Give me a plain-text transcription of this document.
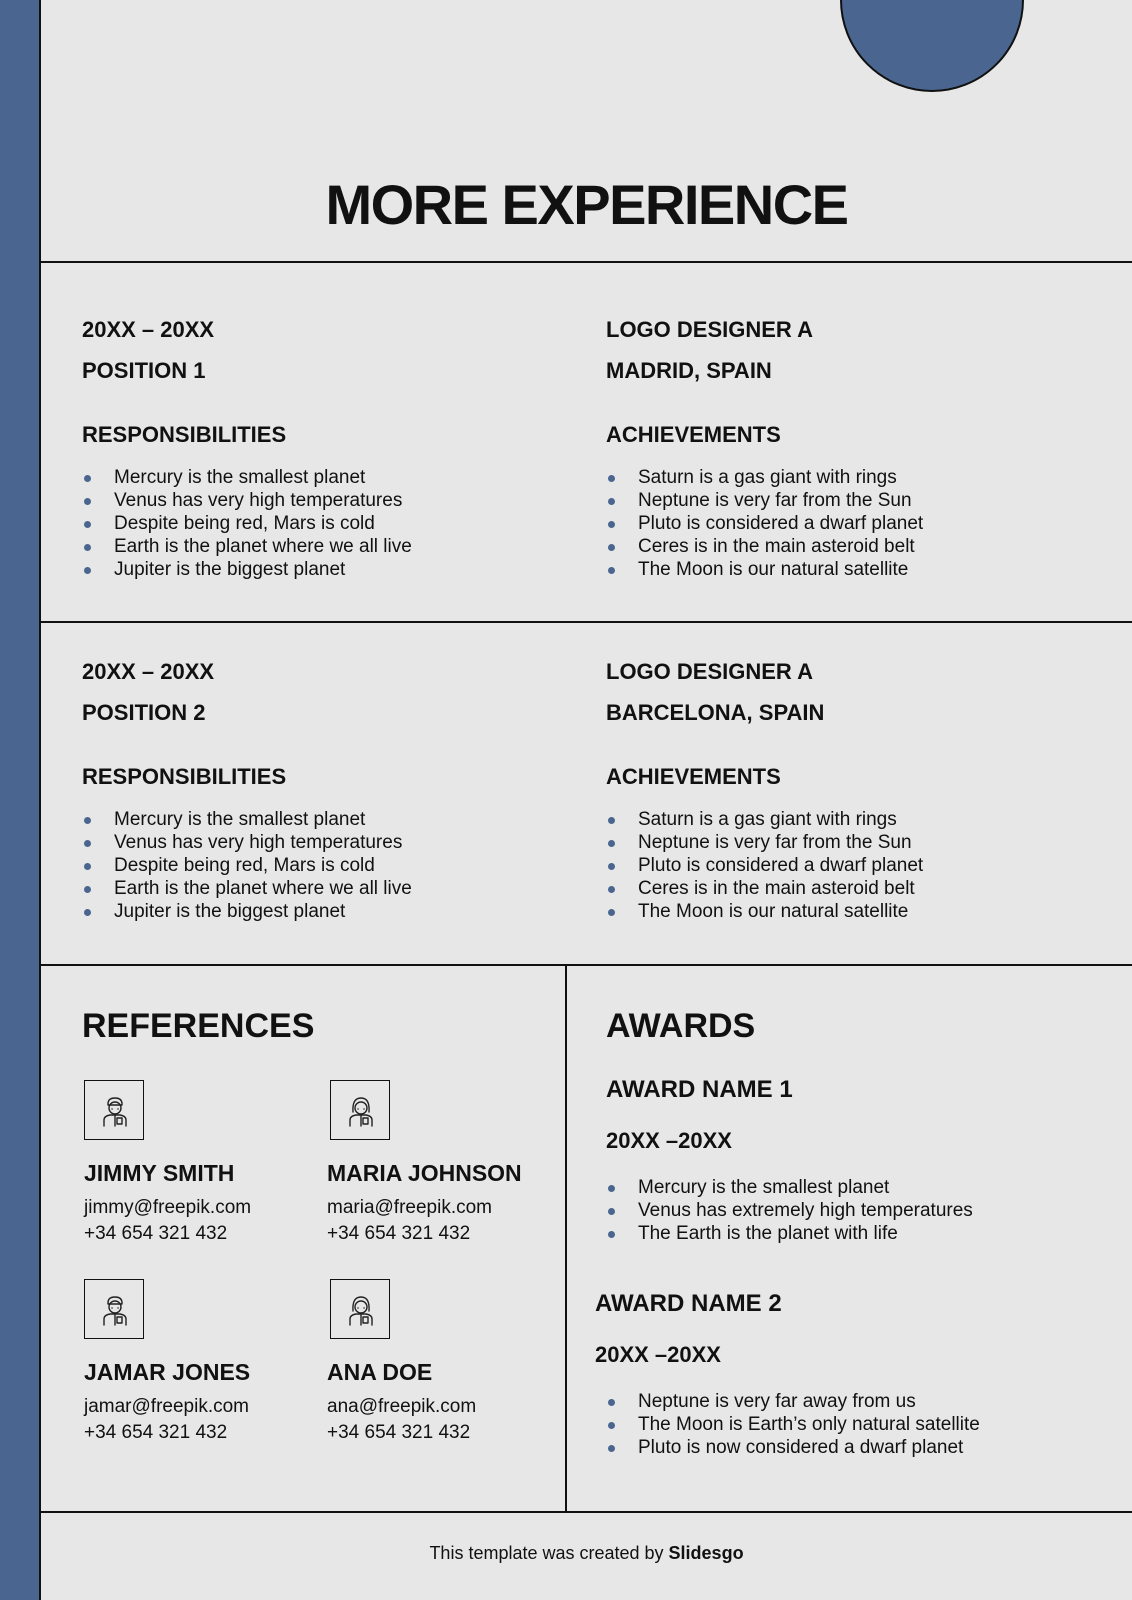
MORE EXPERIENCE

20XX – 20XX

POSITION 1

LOGO DESIGNER A

MADRID, SPAIN

RESPONSIBILITIES	ACHIEVEMENTS

Mercury is the smallest planet
Venus has very high temperatures
Despite being red, Mars is cold
Earth is the planet where we all live
Jupiter is the biggest planet
Saturn is a gas giant with rings
Neptune is very far from the Sun
Pluto is considered a dwarf planet
Ceres is in the main asteroid belt
The Moon is our natural satellite

20XX – 20XX

POSITION 2

LOGO DESIGNER A

BARCELONA, SPAIN

RESPONSIBILITIES	ACHIEVEMENTS

Mercury is the smallest planet
Venus has very high temperatures
Despite being red, Mars is cold
Earth is the planet where we all live
Jupiter is the biggest planet
Saturn is a gas giant with rings
Neptune is very far from the Sun
Pluto is considered a dwarf planet
Ceres is in the main asteroid belt
The Moon is our natural satellite

REFERENCES

JIMMY SMITH

jimmy@freepik.com

+34 654 321 432

MARIA JOHNSON

maria@freepik.com

+34 654 321 432

JAMAR JONES

jamar@freepik.com

+34 654 321 432

ANA DOE

ana@freepik.com

+34 654 321 432

AWARDS

AWARD NAME 1

20XX –20XX

Mercury is the smallest planet
Venus has extremely high temperatures
The Earth is the planet with life

AWARD NAME 2

20XX –20XX

Neptune is very far away from us
The Moon is Earth’s only natural satellite
Pluto is now considered a dwarf planet

This template was created by Slidesgo
